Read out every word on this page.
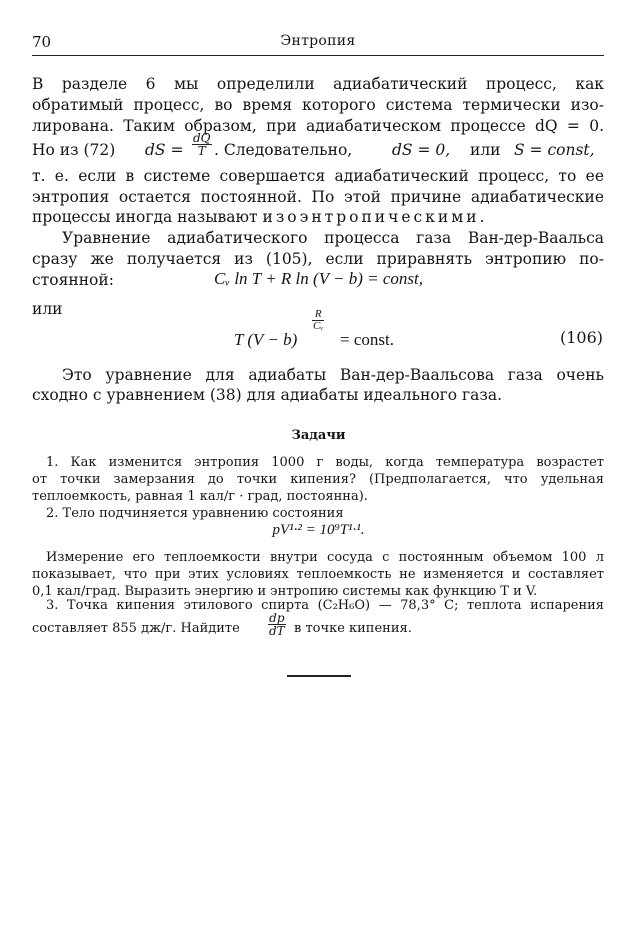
70	Энтропия
В разделе 6 мы определили адиабатический процесс, как
обратимый процесс, во время которого система термически изо-
лирована. Таким образом, при адиабатическом процессе dQ = 0.
Но из (72) dS = $\frac{dQ}{T}$ . Следовательно,	dS = 0, или S = const,
т. е. если в системе совершается адиабатический процесс, то ее
энтропия остается постоянной. По этой причине адиабатические
процессы иногда называют изоэнтропическими.
Уравнение адиабатического процесса газа Ван-дер-Ваальса
сразу же получается из (105), если приравнять энтропию по-
стоянной:	Cᵥ ln T + R ln (V − b) = const,
или
T (V − b)
$\frac{R}{\text{Cᵥ}}$
= const.	(106)
Это уравнение для адиабаты Ван-дер-Ваальсова газа очень
сходно с уравнением (38) для адиабаты идеального газа.
Задачи
1. Как изменится энтропия 1000 г воды, когда температура возрастет
от точки замерзания до точки кипения? (Предполагается, что удельная
теплоемкость, равная 1 кал/г · град, постоянна).
2. Тело подчиняется уравнению состояния
pV¹·² = 10⁹T¹·¹.
Измерение его теплоемкости внутри сосуда с постоянным объемом 100 л
показывает, что при этих условиях теплоемкость не изменяется и составляет
0,1 кал/град. Выразить энергию и энтропию системы как функцию T и V.
3. Точка кипения этилового спирта (C₂H₆O) — 78,3° С; теплота испарения
составляет 855 дж/г. Найдите $\frac{dp}{dT}$ в точке кипения.
